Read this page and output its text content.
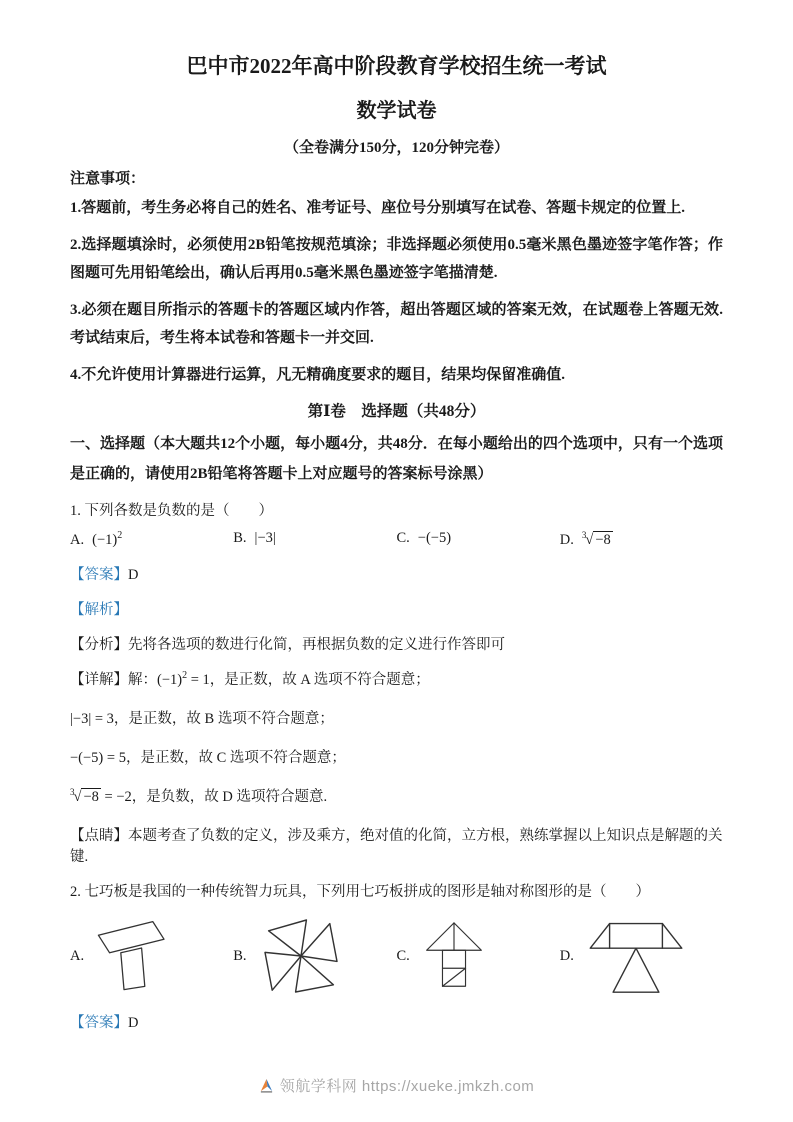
巴中市2022年高中阶段教育学校招生统一考试

数学试卷

（全卷满分150分，120分钟完卷）

注意事项：

1.答题前，考生务必将自己的姓名、准考证号、座位号分别填写在试卷、答题卡规定的位置上.

2.选择题填涂时，必须使用2B铅笔按规范填涂；非选择题必须使用0.5毫米黑色墨迹签字笔作答；作图题可先用铅笔绘出，确认后再用0.5毫米黑色墨迹签字笔描清楚.

3.必须在题目所指示的答题卡的答题区域内作答，超出答题区域的答案无效，在试题卷上答题无效. 考试结束后，考生将本试卷和答题卡一并交回.

4.不允许使用计算器进行运算，凡无精确度要求的题目，结果均保留准确值.

第Ⅰ卷　选择题（共48分）

一、选择题（本大题共12个小题，每小题4分，共48分．在每小题给出的四个选项中，只有一个选项是正确的，请使用2B铅笔将答题卡上对应题号的答案标号涂黑）

1. 下列各数是负数的是（　　）

A. $(-1)^2$	B. |−3|	C. −(−5)	D. $^3$√ −8

【答案】D

【解析】

【分析】先将各选项的数进行化简，再根据负数的定义进行作答即可

【详解】解：$(-1)^2 = 1$，是正数，故 A 选项不符合题意；

|−3| = 3，是正数，故 B 选项不符合题意；

−(−5) = 5，是正数，故 C 选项不符合题意；

$^3$√ −8 = −2，是负数，故 D 选项符合题意.

【点睛】本题考查了负数的定义，涉及乘方，绝对值的化简，立方根，熟练掌握以上知识点是解题的关键.

2. 七巧板是我国的一种传统智力玩具，下列用七巧板拼成的图形是轴对称图形的是（　　）

A.	B.	C.	D.

【答案】D

领航学科网 https://xueke.jmkzh.com
